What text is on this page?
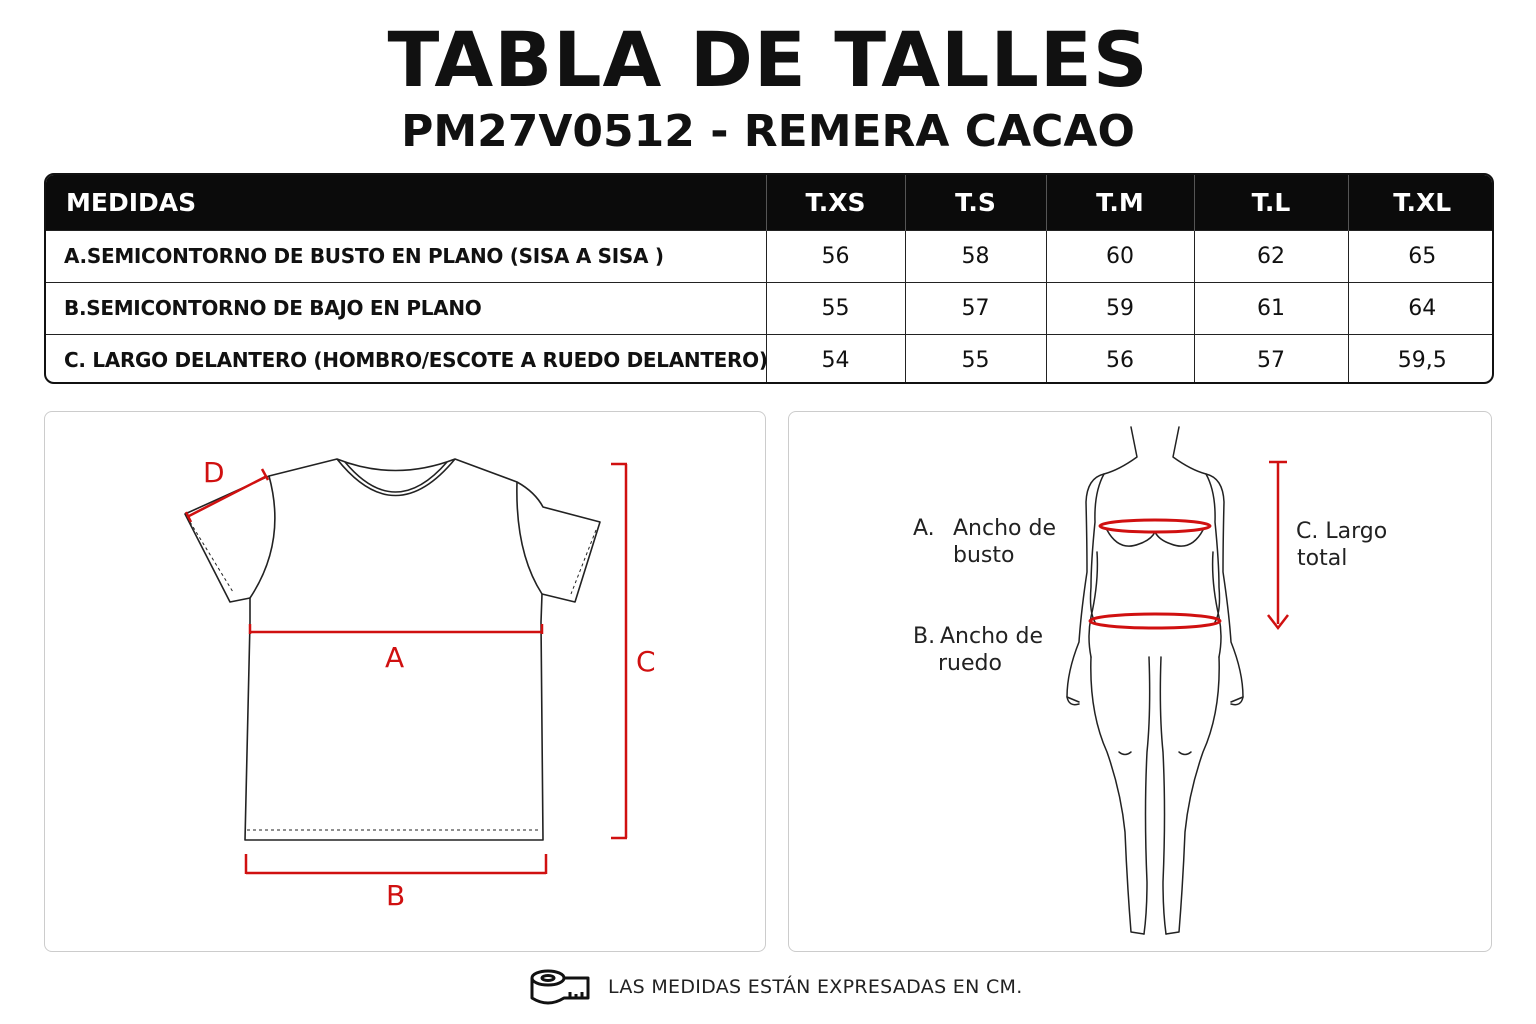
TABLA DE TALLES
PM27V0512 - REMERA CACAO
MEDIDAS	T.XS	T.S	T.M	T.L	T.XL
A.SEMICONTORNO DE BUSTO EN PLANO (SISA A SISA )	56	58	60	62	65
B.SEMICONTORNO DE BAJO EN PLANO	55	57	59	61	64
C. LARGO DELANTERO (HOMBRO/ESCOTE A RUEDO DELANTERO)	54	55	56	57	59,5
A
B
C
D
A. Ancho de
busto
B. Ancho de
ruedo
C. Largo
total
LAS MEDIDAS ESTÁN EXPRESADAS EN CM.
